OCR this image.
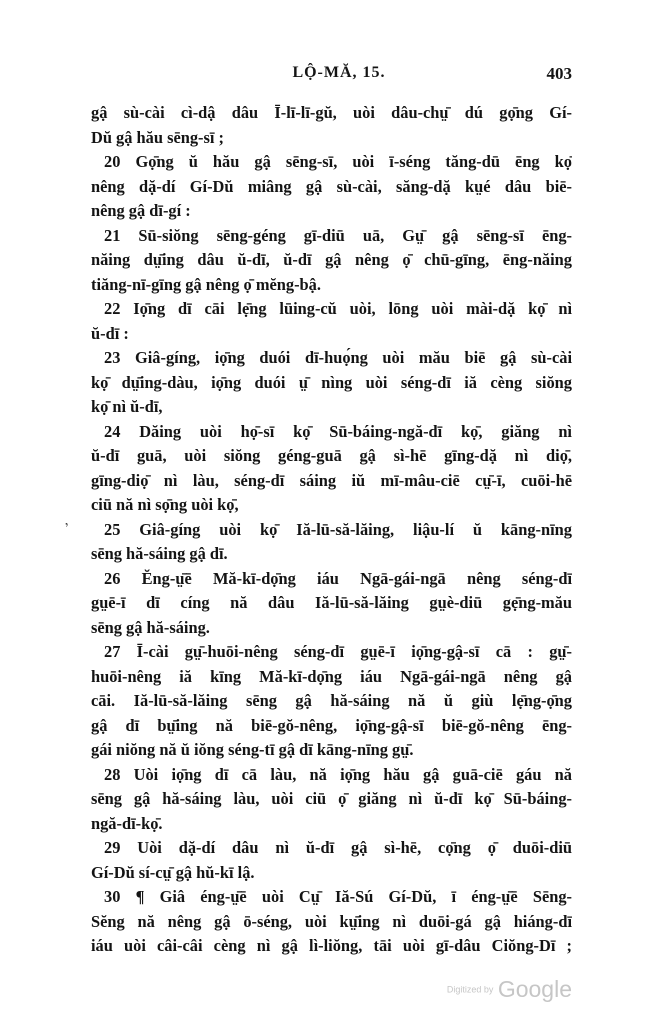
LỘ-MĂ, 15.	403
gậ sù-cài cì-dậ dâu Ī-lī-lī-gŭ, uòi dâu-chṳ̄ dú gọ̄ng Gí-
Dŭ gậ hău sēng-sī ;
20 Gọ̄ng ŭ hău gậ sēng-sī, uòi ī-séng tăng-dū ēng kọ̄
nêng dặ-dí Gí-Dŭ miâng gậ sù-cài, săng-dặ kṳé dâu biē-
nêng gậ dī-gí :
21 Sū-siŏng sēng-géng gī-diū uā, Gṳ̄ gậ sēng-sī ēng-
năing dṳ̄ing dâu ŭ-dī, ŭ-dī gậ nêng ọ̄ chū-gīng, ēng-năing
tiăng-nī-gīng gậ nêng ọ̄ mĕng-bậ.
22 Iọ̄ng dī cāi lẹ̄ng lūing-cŭ uòi, lōng uòi mài-dặ kọ̄ nì
ŭ-dī :
23 Giâ-gíng, iọ̄ng duói dī-huọ́ng uòi mău biē gậ sù-cài
kọ̄ dṳ̄ing-dàu, iọ̄ng duói ṳ̄ nìng uòi séng-dī iă cèng siŏng
kọ̄ nì ŭ-dī,
24 Dăing uòi họ̄-sī kọ̄ Sū-báing-ngă-dī kọ̄, giăng nì
ŭ-dī guā, uòi siŏng géng-guā gậ sì-hē gīng-dặ nì diọ̄,
gīng-diọ̄ nì làu, séng-dī sáing iŭ mī-mâu-ciē cṳ̄-ī, cuōi-hē
ciū nă nì sọ̄ng uòi kọ̄,
25 Giâ-gíng uòi kọ̄ Iă-lū-să-lăing, liậu-lí ŭ kāng-nīng
sēng hă-sáing gậ dī.
26 Ĕng-ṳ̄ē Mă-kī-dọ̄ng iáu Ngā-gái-ngā nêng séng-dī
gṳē-ī dī cíng nă dâu Iă-lū-să-lăing gṳè-diū gẹ̄ng-mău
sēng gậ hă-sáing.
27 Ī-cài gṳ̄-huōi-nêng séng-dī gṳē-ī iọ̄ng-gậ-sī cā : gṳ̄-
huōi-nêng iă kīng Mă-kī-dọ̄ng iáu Ngā-gái-ngā nêng gậ
cāi. Iă-lū-să-lăing sēng gậ hă-sáing nă ŭ giù lẹ̄ng-ọ̄ng
gậ dī bṳ̄ing nă biē-gŏ-nêng, iọ̄ng-gậ-sī biē-gŏ-nêng ēng-
gái niŏng nă ŭ iŏng séng-tī gậ dī kāng-nīng gṳ̄.
28 Uòi iọ̄ng dī cā làu, nă iọ̄ng hău gậ guā-ciē gáu nă
sēng gậ hă-sáing làu, uòi ciū ọ̄ giăng nì ŭ-dī kọ̄ Sū-báing-
ngă-dī-kọ̄.
29 Uòi dặ-dí dâu nì ŭ-dī gậ sì-hē, cọ̄ng ọ̄ duōi-diū
Gí-Dŭ sí-cṳ̄ gậ hŭ-kī lậ.
30 ¶ Giâ éng-ṳ̄ē uòi Cṳ̄ Iă-Sú Gí-Dŭ, ī éng-ṳ̄ē Sēng-
Sĕng nă nêng gậ ō-séng, uòi kṳ̄ing nì duōi-gá gậ hiáng-dī
iáu uòi câi-câi cèng nì gậ lì-liŏng, tāi uòi gī-dâu Ciŏng-Dī ;
ʼ
Digitized by Google
